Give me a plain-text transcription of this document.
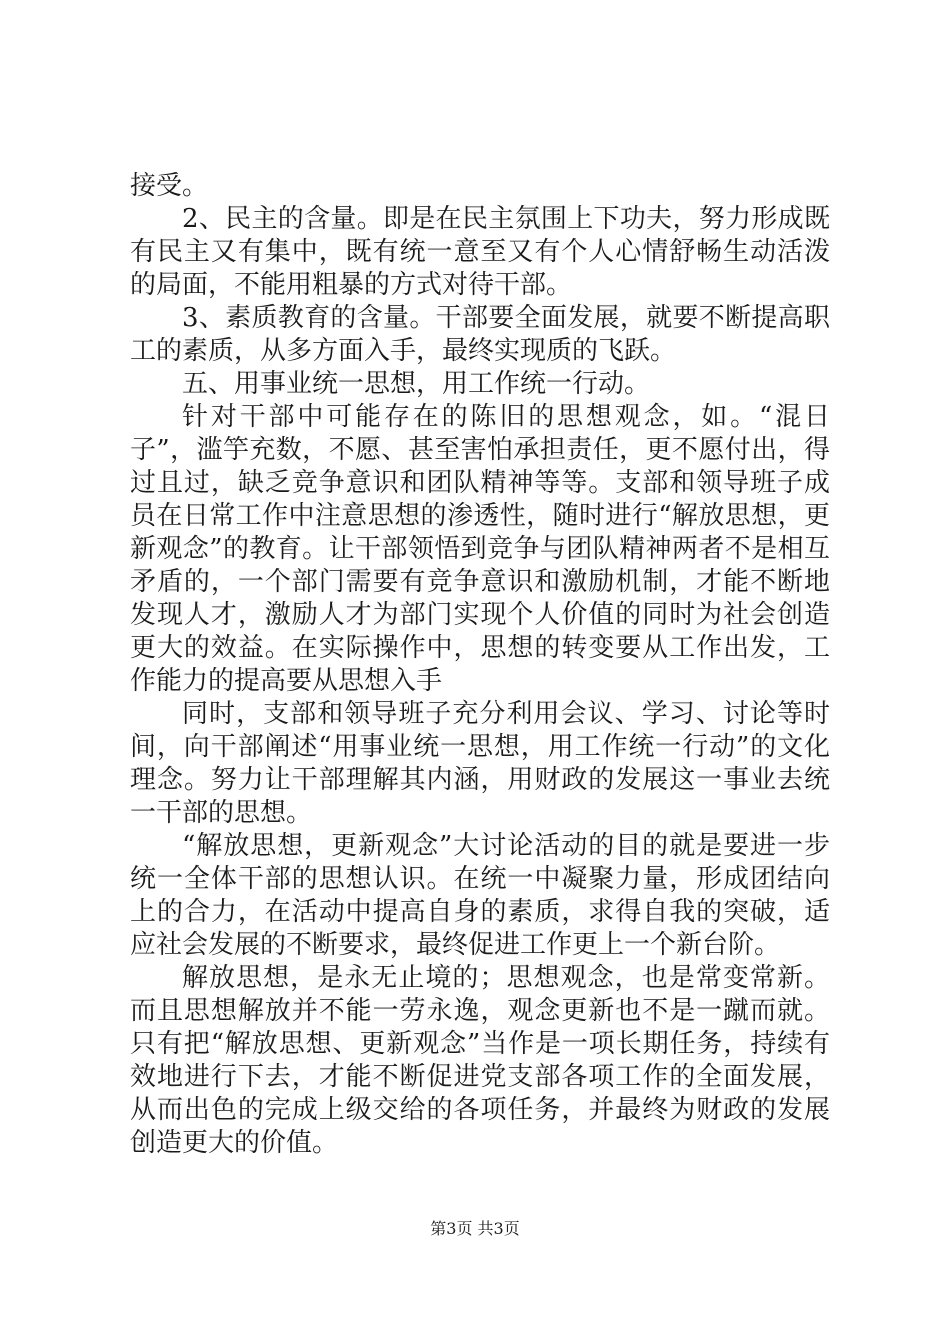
接受。

2、民主的含量。即是在民主氛围上下功夫，努力形成既有民主又有集中，既有统一意至又有个人心情舒畅生动活泼的局面，不能用粗暴的方式对待干部。

3、素质教育的含量。干部要全面发展，就要不断提高职工的素质，从多方面入手，最终实现质的飞跃。

五、用事业统一思想，用工作统一行动。

针对干部中可能存在的陈旧的思想观念，如。“混日子”，滥竽充数，不愿、甚至害怕承担责任，更不愿付出，得过且过，缺乏竞争意识和团队精神等等。支部和领导班子成员在日常工作中注意思想的渗透性，随时进行“解放思想，更新观念”的教育。让干部领悟到竞争与团队精神两者不是相互矛盾的，一个部门需要有竞争意识和激励机制，才能不断地发现人才，激励人才为部门实现个人价值的同时为社会创造更大的效益。在实际操作中，思想的转变要从工作出发，工作能力的提高要从思想入手

同时，支部和领导班子充分利用会议、学习、讨论等时间，向干部阐述“用事业统一思想，用工作统一行动”的文化理念。努力让干部理解其内涵，用财政的发展这一事业去统一干部的思想。

“解放思想，更新观念”大讨论活动的目的就是要进一步统一全体干部的思想认识。在统一中凝聚力量，形成团结向上的合力，在活动中提高自身的素质，求得自我的突破，适应社会发展的不断要求，最终促进工作更上一个新台阶。

解放思想，是永无止境的；思想观念，也是常变常新。而且思想解放并不能一劳永逸，观念更新也不是一蹴而就。只有把“解放思想、更新观念”当作是一项长期任务，持续有效地进行下去，才能不断促进党支部各项工作的全面发展，从而出色的完成上级交给的各项任务，并最终为财政的发展创造更大的价值。

第3页 共3页
